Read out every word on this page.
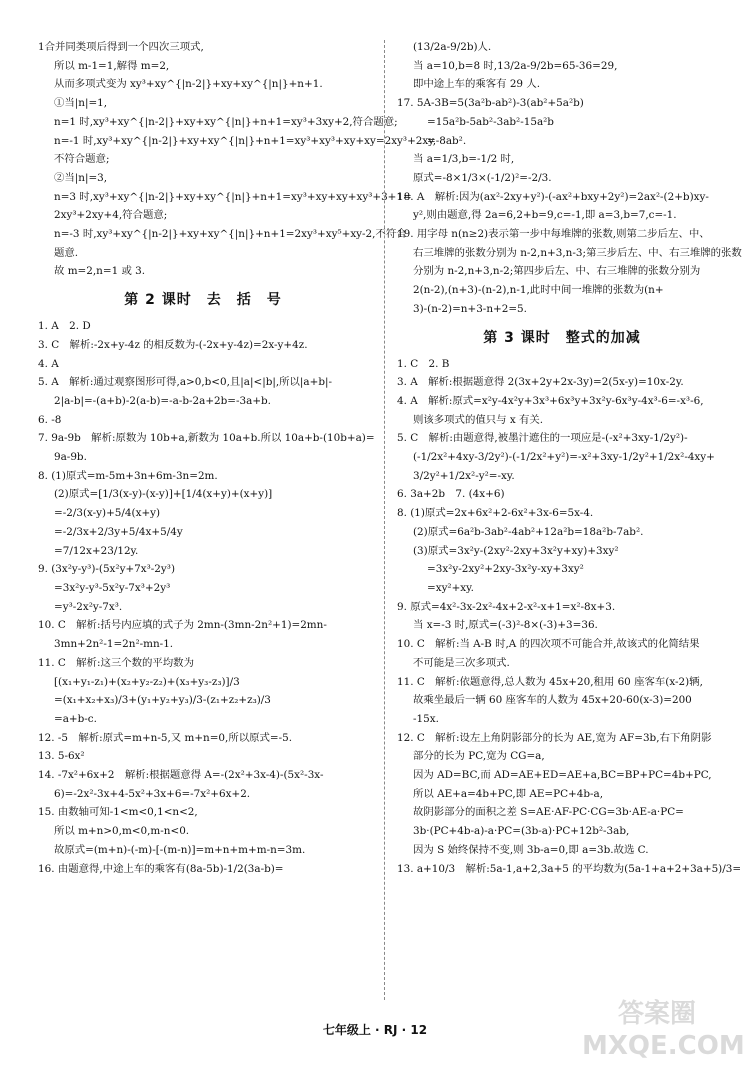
1合并同类项后得到一个四次三项式,
所以 m-1=1,解得 m=2,
从而多项式变为 xy³+xy^{|n-2|}+xy+xy^{|n|}+n+1.
①当|n|=1,
n=1 时,xy³+xy^{|n-2|}+xy+xy^{|n|}+n+1=xy³+3xy+2,符合题意;
n=-1 时,xy³+xy^{|n-2|}+xy+xy^{|n|}+n+1=xy³+xy³+xy+xy=2xy³+2xy,
不符合题意;
②当|n|=3,
n=3 时,xy³+xy^{|n-2|}+xy+xy^{|n|}+n+1=xy³+xy+xy+xy³+3+1=
2xy³+2xy+4,符合题意;
n=-3 时,xy³+xy^{|n-2|}+xy+xy^{|n|}+n+1=2xy³+xy⁵+xy-2,不符合
题意.
故 m=2,n=1 或 3.
第 2 课时　去　括　号
1. A　2. D
3. C　解析:-2x+y-4z 的相反数为-(-2x+y-4z)=2x-y+4z.
4. A
5. A　解析:通过观察图形可得,a>0,b<0,且|a|<|b|,所以|a+b|-
2|a-b|=-(a+b)-2(a-b)=-a-b-2a+2b=-3a+b.
6. -8
7. 9a-9b　解析:原数为 10b+a,新数为 10a+b.所以 10a+b-(10b+a)=
9a-9b.
8. (1)原式=m-5m+3n+6m-3n=2m.
(2)原式=[1/3(x-y)-(x-y)]+[1/4(x+y)+(x+y)]
=-2/3(x-y)+5/4(x+y)
=-2/3x+2/3y+5/4x+5/4y
=7/12x+23/12y.
9. (3x²y-y³)-(5x²y+7x³-2y³)
=3x²y-y³-5x²y-7x³+2y³
=y³-2x²y-7x³.
10. C　解析:括号内应填的式子为 2mn-(3mn-2n²+1)=2mn-
3mn+2n²-1=2n²-mn-1.
11. C　解析:这三个数的平均数为
[(x₁+y₁-z₁)+(x₂+y₂-z₂)+(x₃+y₃-z₃)]/3
=(x₁+x₂+x₃)/3+(y₁+y₂+y₃)/3-(z₁+z₂+z₃)/3
=a+b-c.
12. -5　解析:原式=m+n-5,又 m+n=0,所以原式=-5.
13. 5-6x²
14. -7x²+6x+2　解析:根据题意得 A=-(2x²+3x-4)-(5x²-3x-
6)=-2x²-3x+4-5x²+3x+6=-7x²+6x+2.
15. 由数轴可知-1<m<0,1<n<2,
所以 m+n>0,m<0,m-n<0.
故原式=(m+n)-(-m)-[-(m-n)]=m+n+m+m-n=3m.
16. 由题意得,中途上车的乘客有(8a-5b)-1/2(3a-b)=
(13/2a-9/2b)人.
当 a=10,b=8 时,13/2a-9/2b=65-36=29,
即中途上车的乘客有 29 人.
17. 5A-3B=5(3a²b-ab²)-3(ab²+5a²b)
=15a²b-5ab²-3ab²-15a²b
=-8ab².
当 a=1/3,b=-1/2 时,
原式=-8×1/3×(-1/2)²=-2/3.
18. A　解析:因为(ax²-2xy+y²)-(-ax²+bxy+2y²)=2ax²-(2+b)xy-
y²,则由题意,得 2a=6,2+b=9,c=-1,即 a=3,b=7,c=-1.
19. 用字母 n(n≥2)表示第一步中每堆牌的张数,则第二步后左、中、
右三堆牌的张数分别为 n-2,n+3,n-3;第三步后左、中、右三堆牌的张数
分别为 n-2,n+3,n-2;第四步后左、中、右三堆牌的张数分别为
2(n-2),(n+3)-(n-2),n-1,此时中间一堆牌的张数为(n+
3)-(n-2)=n+3-n+2=5.
第 3 课时　整式的加减
1. C　2. B
3. A　解析:根据题意得 2(3x+2y+2x-3y)=2(5x-y)=10x-2y.
4. A　解析:原式=x²y-4x²y+3x³+6x³y+3x²y-6x³y-4x³-6=-x³-6,
则该多项式的值只与 x 有关.
5. C　解析:由题意得,被墨汁遮住的一项应是-(-x²+3xy-1/2y²)-
(-1/2x²+4xy-3/2y²)-(-1/2x²+y²)=-x²+3xy-1/2y²+1/2x²-4xy+
3/2y²+1/2x²-y²=-xy.
6. 3a+2b　7. (4x+6)
8. (1)原式=2x+6x²+2-6x²+3x-6=5x-4.
(2)原式=6a²b-3ab²-4ab²+12a²b=18a²b-7ab².
(3)原式=3x²y-(2xy²-2xy+3x²y+xy)+3xy²
=3x²y-2xy²+2xy-3x²y-xy+3xy²
=xy²+xy.
9. 原式=4x²-3x-2x²-4x+2-x²-x+1=x²-8x+3.
当 x=-3 时,原式=(-3)²-8×(-3)+3=36.
10. C　解析:当 A-B 时,A 的四次项不可能合并,故该式的化简结果
不可能是三次多项式.
11. C　解析:依题意得,总人数为 45x+20,租用 60 座客车(x-2)辆,
故乘坐最后一辆 60 座客车的人数为 45x+20-60(x-3)=200
-15x.
12. C　解析:设左上角阴影部分的长为 AE,宽为 AF=3b,右下角阴影
部分的长为 PC,宽为 CG=a,
因为 AD=BC,而 AD=AE+ED=AE+a,BC=BP+PC=4b+PC,
所以 AE+a=4b+PC,即 AE=PC+4b-a,
故阴影部分的面积之差 S=AE·AF-PC·CG=3b·AE-a·PC=
3b·(PC+4b-a)-a·PC=(3b-a)·PC+12b²-3ab,
因为 S 始终保持不变,则 3b-a=0,即 a=3b.故选 C.
13. a+10/3　解析:5a-1,a+2,3a+5 的平均数为(5a-1+a+2+3a+5)/3=
七年级上 · RJ · 12
答案圈 MXQE.COM
